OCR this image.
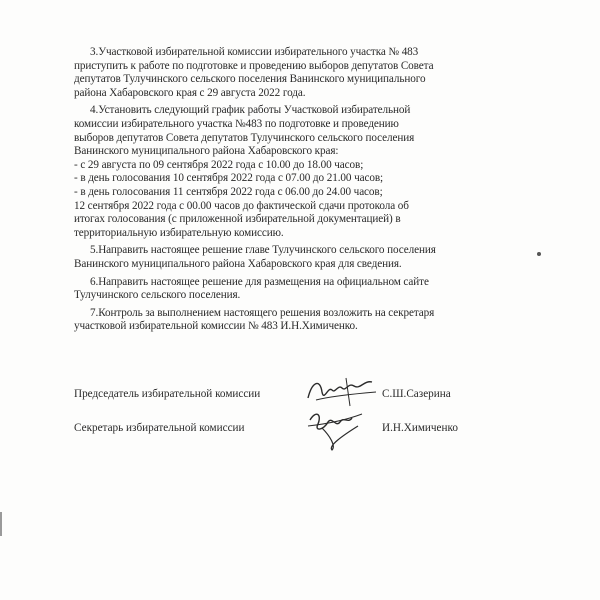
3.Участковой избирательной комиссии избирательного участка № 483
приступить к работе по подготовке и проведению выборов депутатов Совета
депутатов Тулучинского сельского поселения Ванинского муниципального
района Хабаровского края с 29 августа 2022 года.
4.Установить следующий график работы Участковой избирательной
комиссии избирательного участка №483 по подготовке и проведению
выборов депутатов Совета депутатов Тулучинского сельского поселения
Ванинского муниципального района Хабаровского края:
- с 29 августа по 09 сентября 2022 года с 10.00 до 18.00 часов;
- в день голосования 10 сентября 2022 года с 07.00 до 21.00 часов;
- в день голосования 11 сентября 2022 года с 06.00 до 24.00 часов;
12 сентября 2022 года с 00.00 часов до фактической сдачи протокола об
итогах голосования (с приложенной избирательной документацией) в
территориальную избирательную комиссию.
5.Направить настоящее решение главе Тулучинского сельского поселения
Ванинского муниципального района Хабаровского края для сведения.
6.Направить настоящее решение для размещения на официальном сайте
Тулучинского сельского поселения.
7.Контроль за выполнением настоящего решения возложить на секретаря
участковой избирательной комиссии № 483 И.Н.Химиченко.
Председатель избирательной комиссии	С.Ш.Сазерина
Секретарь избирательной комиссии	И.Н.Химиченко
